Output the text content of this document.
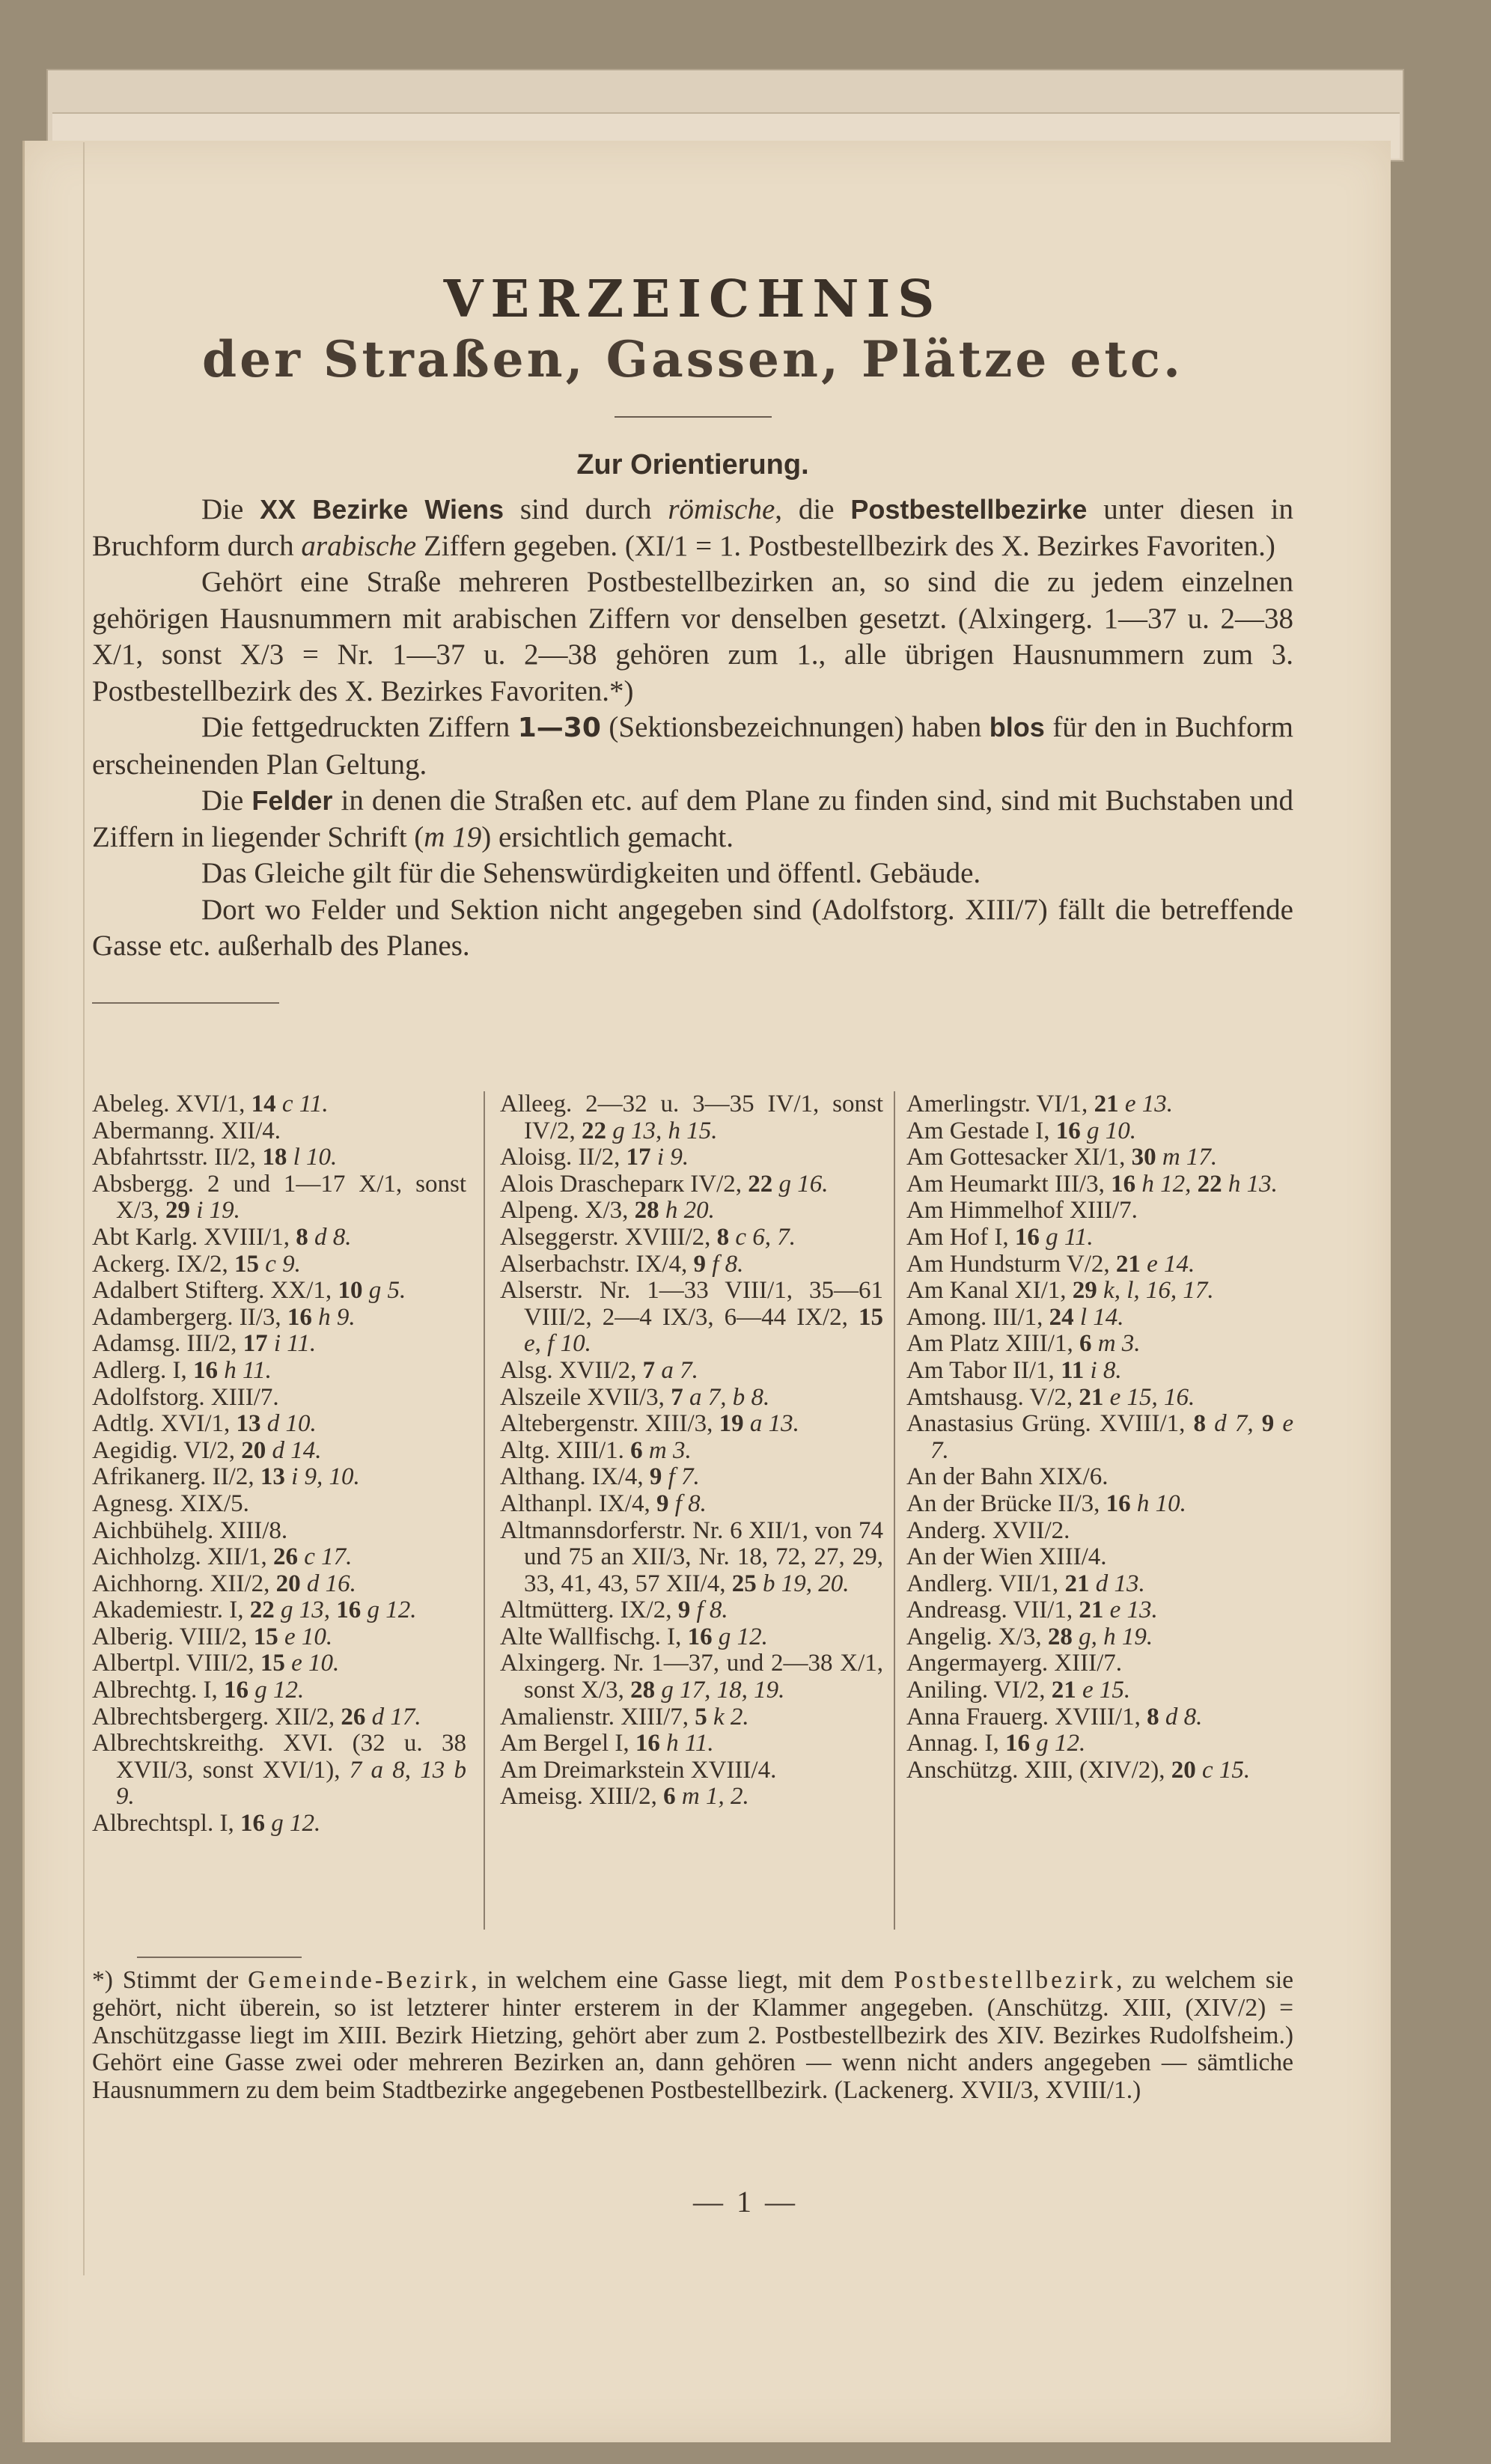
VERZEICHNIS
der Straßen, Gassen, Plätze etc.
Zur Orientierung.

Die XX Bezirke Wiens sind durch römische, die Postbestellbezirke unter diesen in Bruchform durch arabische Ziffern gegeben. (XI/1 = 1. Postbestellbezirk des X. Bezirkes Favoriten.)

Gehört eine Straße mehreren Postbestellbezirken an, so sind die zu jedem einzelnen gehörigen Hausnummern mit arabischen Ziffern vor denselben gesetzt. (Alxingerg. 1—37 u. 2—38 X/1, sonst X/3 = Nr. 1—37 u. 2—38 gehören zum 1., alle übrigen Hausnummern zum 3. Postbestellbezirk des X. Bezirkes Favoriten.*)

Die fettgedruckten Ziffern 1—30 (Sektionsbezeichnungen) haben blos für den in Buchform erscheinenden Plan Geltung.

Die Felder in denen die Straßen etc. auf dem Plane zu finden sind, sind mit Buchstaben und Ziffern in liegender Schrift (m 19) ersichtlich gemacht.

Das Gleiche gilt für die Sehenswürdigkeiten und öffentl. Gebäude.

Dort wo Felder und Sektion nicht angegeben sind (Adolfstorg. XIII/7) fällt die betreffende Gasse etc. außerhalb des Planes.

Abeleg. XVI/1, 14 c 11.

Abermanng. XII/4.

Abfahrtsstr. II/2, 18 l 10.

Absbergg. 2 und 1—17 X/1, sonst X/3, 29 i 19.

Abt Karlg. XVIII/1, 8 d 8.

Ackerg. IX/2, 15 c 9.

Adalbert Stifterg. XX/1, 10 g 5.

Adambergerg. II/3, 16 h 9.

Adamsg. III/2, 17 i 11.

Adlerg. I, 16 h 11.

Adolfstorg. XIII/7.

Adtlg. XVI/1, 13 d 10.

Aegidig. VI/2, 20 d 14.

Afrikanerg. II/2, 13 i 9, 10.

Agnesg. XIX/5.

Aichbühelg. XIII/8.

Aichholzg. XII/1, 26 c 17.

Aichhorng. XII/2, 20 d 16.

Akademiestr. I, 22 g 13, 16 g 12.

Alberig. VIII/2, 15 e 10.

Albertpl. VIII/2, 15 e 10.

Albrechtg. I, 16 g 12.

Albrechtsbergerg. XII/2, 26 d 17.

Albrechtskreithg. XVI. (32 u. 38 XVII/3, sonst XVI/1), 7 a 8, 13 b 9.

Albrechtspl. I, 16 g 12.

Alleeg. 2—32 u. 3—35 IV/1, sonst IV/2, 22 g 13, h 15.

Aloisg. II/2, 17 i 9.

Alois Drascheparк IV/2, 22 g 16.

Alpeng. X/3, 28 h 20.

Alseggerstr. XVIII/2, 8 c 6, 7.

Alserbachstr. IX/4, 9 f 8.

Alserstr. Nr. 1—33 VIII/1, 35—61 VIII/2, 2—4 IX/3, 6—44 IX/2, 15 e, f 10.

Alsg. XVII/2, 7 a 7.

Alszeile XVII/3, 7 a 7, b 8.

Altebergenstr. XIII/3, 19 a 13.

Altg. XIII/1. 6 m 3.

Althang. IX/4, 9 f 7.

Althanpl. IX/4, 9 f 8.

Altmannsdorferstr. Nr. 6 XII/1, von 74 und 75 an XII/3, Nr. 18, 72, 27, 29, 33, 41, 43, 57 XII/4, 25 b 19, 20.

Altmütterg. IX/2, 9 f 8.

Alte Wallfischg. I, 16 g 12.

Alxingerg. Nr. 1—37, und 2—38 X/1, sonst X/3, 28 g 17, 18, 19.

Amalienstr. XIII/7, 5 k 2.

Am Bergel I, 16 h 11.

Am Dreimarkstein XVIII/4.

Ameisg. XIII/2, 6 m 1, 2.

Amerlingstr. VI/1, 21 e 13.

Am Gestade I, 16 g 10.

Am Gottesacker XI/1, 30 m 17.

Am Heumarkt III/3, 16 h 12, 22 h 13.

Am Himmelhof XIII/7.

Am Hof I, 16 g 11.

Am Hundsturm V/2, 21 e 14.

Am Kanal XI/1, 29 k, l, 16, 17.

Among. III/1, 24 l 14.

Am Platz XIII/1, 6 m 3.

Am Tabor II/1, 11 i 8.

Amtshausg. V/2, 21 e 15, 16.

Anastasius Grüng. XVIII/1, 8 d 7, 9 e 7.

An der Bahn XIX/6.

An der Brücke II/3, 16 h 10.

Anderg. XVII/2.

An der Wien XIII/4.

Andlerg. VII/1, 21 d 13.

Andreasg. VII/1, 21 e 13.

Angelig. X/3, 28 g, h 19.

Angermayerg. XIII/7.

Aniling. VI/2, 21 e 15.

Anna Frauerg. XVIII/1, 8 d 8.

Annag. I, 16 g 12.

Anschützg. XIII, (XIV/2), 20 c 15.

*) Stimmt der Gemeinde-Bezirk, in welchem eine Gasse liegt, mit dem Postbestellbezirk, zu welchem sie gehört, nicht überein, so ist letzterer hinter ersterem in der Klammer angegeben. (Anschützg. XIII, (XIV/2) = Anschützgasse liegt im XIII. Bezirk Hietzing, gehört aber zum 2. Postbestellbezirk des XIV. Bezirkes Rudolfsheim.) Gehört eine Gasse zwei oder mehreren Bezirken an, dann gehören — wenn nicht anders angegeben — sämtliche Hausnummern zu dem beim Stadtbezirke angegebenen Postbestellbezirk. (Lackenerg. XVII/3, XVIII/1.)

— 1 —
